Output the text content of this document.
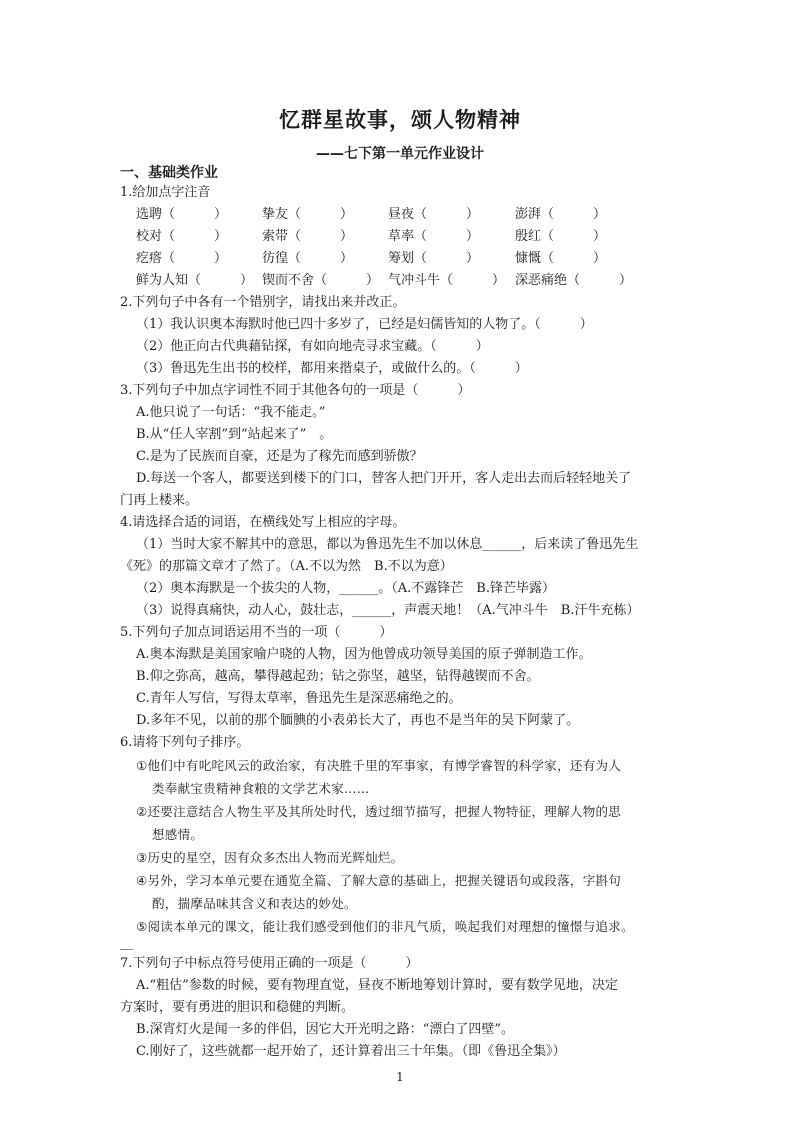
忆群星故事，颂人物精神
——七下第一单元作业设计
一、基础类作业
1.给加点字注音
选聘（　　　）	挚友（　　　）	昼夜（　　　）	澎湃（　　　）
校对（　　　）	索带（　　　）	草率（　　　）	殷红（　　　）
疙瘩（　　　）	彷徨（　　　）	筹划（　　　）	慷慨（　　　）
鲜为人知（　　　） 锲而不舍（　　　） 气冲斗牛（　　　） 深恶痛绝（　　　）
2.下列句子中各有一个错别字，请找出来并改正。
（1）我认识奥本海默时他已四十多岁了，已经是妇儒皆知的人物了。（　　　）
（2）他正向古代典藉钻探，有如向地壳寻求宝藏。（　　　）
（3）鲁迅先生出书的校样，都用来揩桌子，或做什么的。（　　　）
3.下列句子中加点字词性不同于其他各句的一项是（　　　）
A.他只说了一句话：“我不能走。”
B.从“任人宰割”到“站起来了”　。
C.是为了民族而自豪，还是为了稼先而感到骄傲？
D.每送一个客人，都要送到楼下的门口，替客人把门开开，客人走出去而后轻轻地关了
门再上楼来。
4.请选择合适的词语，在横线处写上相应的字母。
（1）当时大家不解其中的意思，都以为鲁迅先生不加以休息______，后来读了鲁迅先生
《死》的那篇文章才了然了。（A.不以为然　B.不以为意）
（2）奥本海默是一个拔尖的人物，______。（A.不露锋芒　B.锋芒毕露）
（3）说得真痛快，动人心，鼓壮志，______，声震天地！（A.气冲斗牛　B.汗牛充栋）
5.下列句子加点词语运用不当的一项（　　　）
A.奥本海默是美国家喻户晓的人物，因为他曾成功领导美国的原子弹制造工作。
B.仰之弥高，越高，攀得越起劲；钻之弥坚，越坚，钻得越锲而不舍。
C.青年人写信，写得太草率，鲁迅先生是深恶痛绝之的。
D.多年不见，以前的那个腼腆的小表弟长大了，再也不是当年的吴下阿蒙了。
6.请将下列句子排序。
①他们中有叱咤风云的政治家，有决胜千里的军事家，有博学睿智的科学家，还有为人
类奉献宝贵精神食粮的文学艺术家……
②还要注意结合人物生平及其所处时代，透过细节描写，把握人物特征，理解人物的思
想感情。
③历史的星空，因有众多杰出人物而光辉灿烂。
④另外，学习本单元要在通览全篇、了解大意的基础上，把握关键语句或段落，字斟句
酌，揣摩品味其含义和表达的妙处。
⑤阅读本单元的课文，能让我们感受到他们的非凡气质，唤起我们对理想的憧憬与追求。
＿
7.下列句子中标点符号使用正确的一项是（　　　）
A.“粗估”参数的时候，要有物理直觉，昼夜不断地筹划计算时，要有数学见地，决定
方案时，要有勇进的胆识和稳健的判断。
B.深宵灯火是闻一多的伴侣，因它大开光明之路：“漂白了四壁”。
C.刚好了，这些就都一起开始了，还计算着出三十年集。（即《鲁迅全集》）
1
